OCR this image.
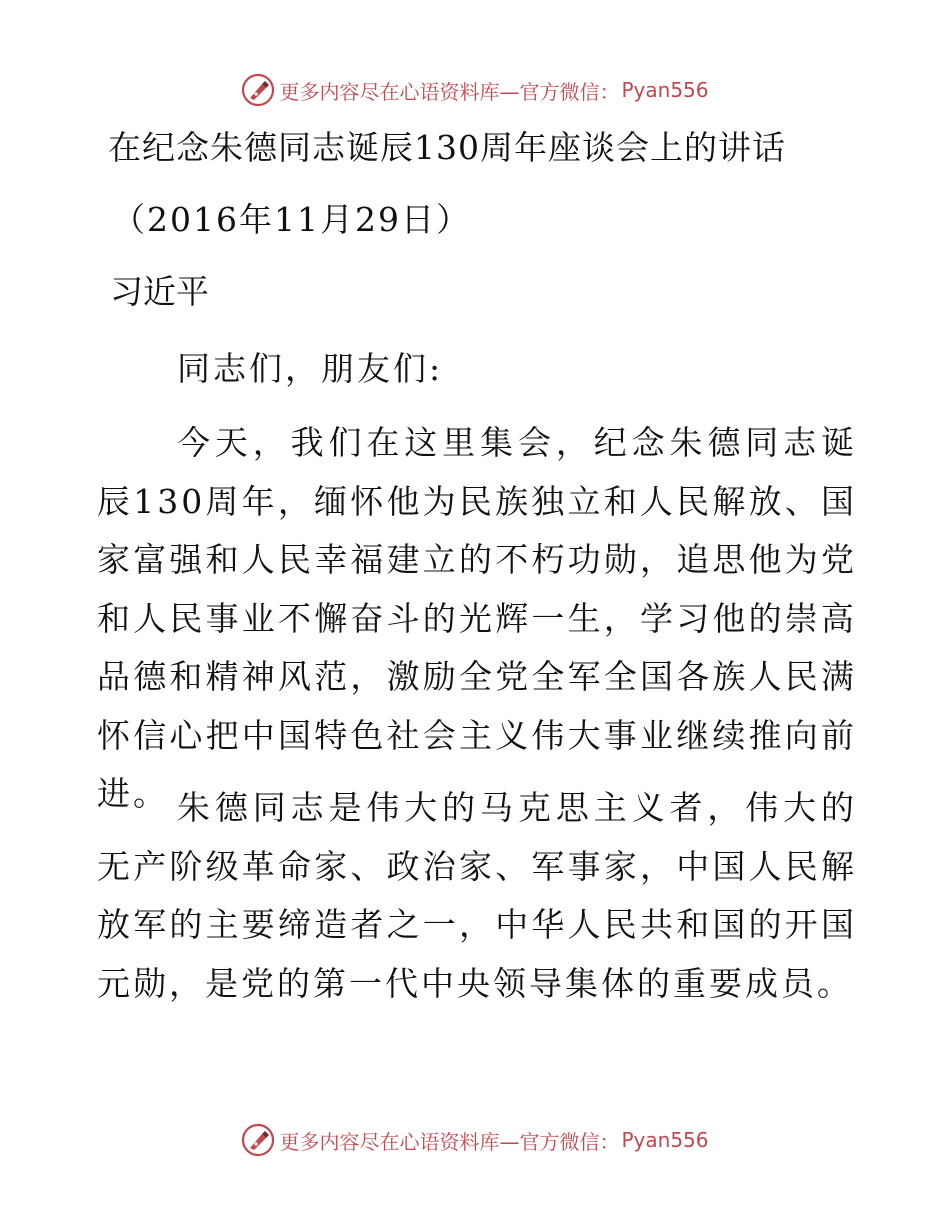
更多内容尽在心语资料库—官方微信： Pyan556
在纪念朱德同志诞辰130周年座谈会上的讲话
（2016年11月29日）
习近平

同志们，朋友们:

今天，我们在这里集会，纪念朱德同志诞辰130周年，缅怀他为民族独立和人民解放、国家富强和人民幸福建立的不朽功勋，追思他为党和人民事业不懈奋斗的光辉一生，学习他的崇高品德和精神风范，激励全党全军全国各族人民满怀信心把中国特色社会主义伟大事业继续推向前进。 朱德同志是伟大的马克思主义者，伟大的无产阶级革命家、政治家、军事家，中国人民解放军的主要缔造者之一，中华人民共和国的开国元勋，是党的第一代中央领导集体的重要成员。

更多内容尽在心语资料库—官方微信： Pyan556
